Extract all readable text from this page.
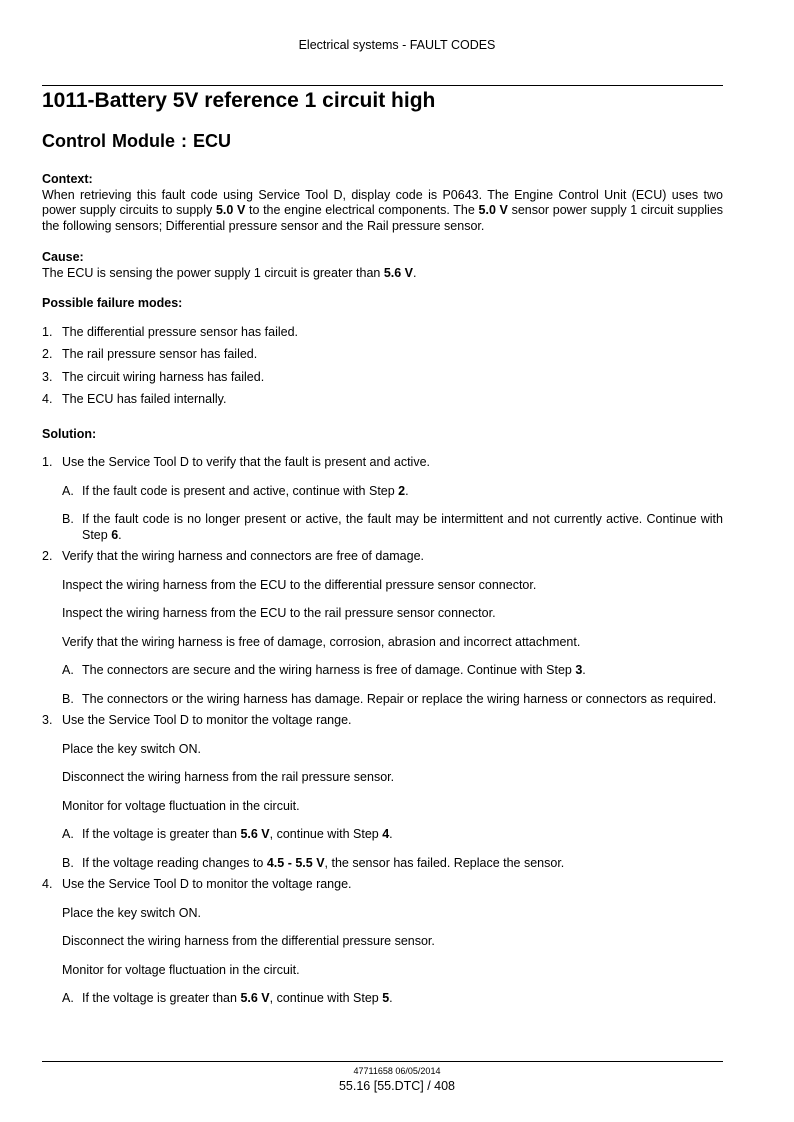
Electrical systems - FAULT CODES
1011-Battery 5V reference 1 circuit high
Control Module : ECU

Context:

When retrieving this fault code using Service Tool D, display code is P0643. The Engine Control Unit (ECU) uses two power supply circuits to supply 5.0 V to the engine electrical components. The 5.0 V sensor power supply 1 circuit supplies the following sensors; Differential pressure sensor and the Rail pressure sensor.

Cause:

The ECU is sensing the power supply 1 circuit is greater than 5.6 V.

Possible failure modes:

1. The differential pressure sensor has failed.
2. The rail pressure sensor has failed.
3. The circuit wiring harness has failed.
4. The ECU has failed internally.

Solution:

1. Use the Service Tool D to verify that the fault is present and active.

A. If the fault code is present and active, continue with Step 2.
B. If the fault code is no longer present or active, the fault may be intermittent and not currently active. Continue with Step 6.
2. Verify that the wiring harness and connectors are free of damage.

Inspect the wiring harness from the ECU to the differential pressure sensor connector.

Inspect the wiring harness from the ECU to the rail pressure sensor connector.

Verify that the wiring harness is free of damage, corrosion, abrasion and incorrect attachment.

A. The connectors are secure and the wiring harness is free of damage. Continue with Step 3.
B. The connectors or the wiring harness has damage. Repair or replace the wiring harness or connectors as required.
3. Use the Service Tool D to monitor the voltage range.

Place the key switch ON.

Disconnect the wiring harness from the rail pressure sensor.

Monitor for voltage fluctuation in the circuit.

A. If the voltage is greater than 5.6 V, continue with Step 4.
B. If the voltage reading changes to 4.5 - 5.5 V, the sensor has failed. Replace the sensor.
4. Use the Service Tool D to monitor the voltage range.

Place the key switch ON.

Disconnect the wiring harness from the differential pressure sensor.

Monitor for voltage fluctuation in the circuit.

A. If the voltage is greater than 5.6 V, continue with Step 5.
47711658 06/05/2014
55.16 [55.DTC] / 408
